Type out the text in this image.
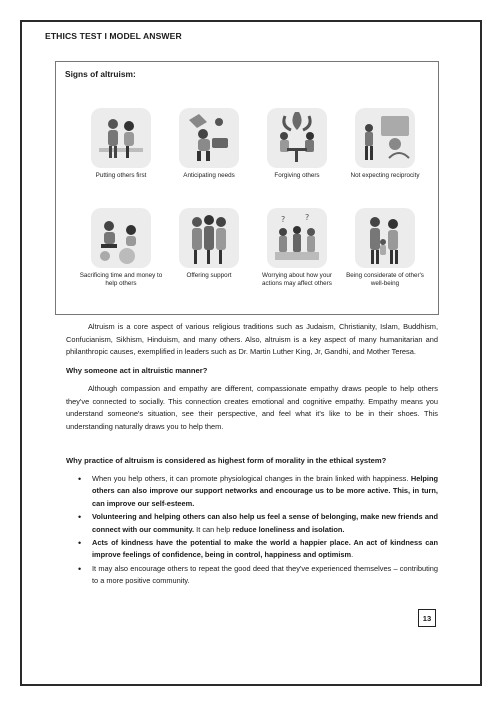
ETHICS TEST I MODEL ANSWER
Signs of altruism:
Putting others first	Anticipating needs	Forgiving others	Not expecting reciprocity
Sacrificing time and money to help others
Offering support
? ?
Worrying about how your actions may affect others
Being considerate of other's well-being

Altruism is a core aspect of various religious traditions such as Judaism, Christianity, Islam, Buddhism, Confucianism, Sikhism, Hinduism, and many others. Also, altruism is a key aspect of many humanitarian and philanthropic causes, exemplified in leaders such as Dr. Martin Luther King, Jr, Gandhi, and Mother Teresa.

Why someone act in altruistic manner?

Although compassion and empathy are different, compassionate empathy draws people to help others they've connected to socially. This connection creates emotional and cognitive empathy. Empathy means you understand someone's situation, see their perspective, and feel what it's like to be in their shoes. This understanding naturally draws you to help them.

Why practice of altruism is considered as highest form of morality in the ethical system?
• When you help others, it can promote physiological changes in the brain linked with happiness. Helping others can also improve our support networks and encourage us to be more active. This, in turn, can improve our self-esteem.
• Volunteering and helping others can also help us feel a sense of belonging, make new friends and connect with our community. It can help reduce loneliness and isolation.
• Acts of kindness have the potential to make the world a happier place. An act of kindness can improve feelings of confidence, being in control, happiness and optimism.
• It may also encourage others to repeat the good deed that they've experienced themselves – contributing to a more positive community.
13
